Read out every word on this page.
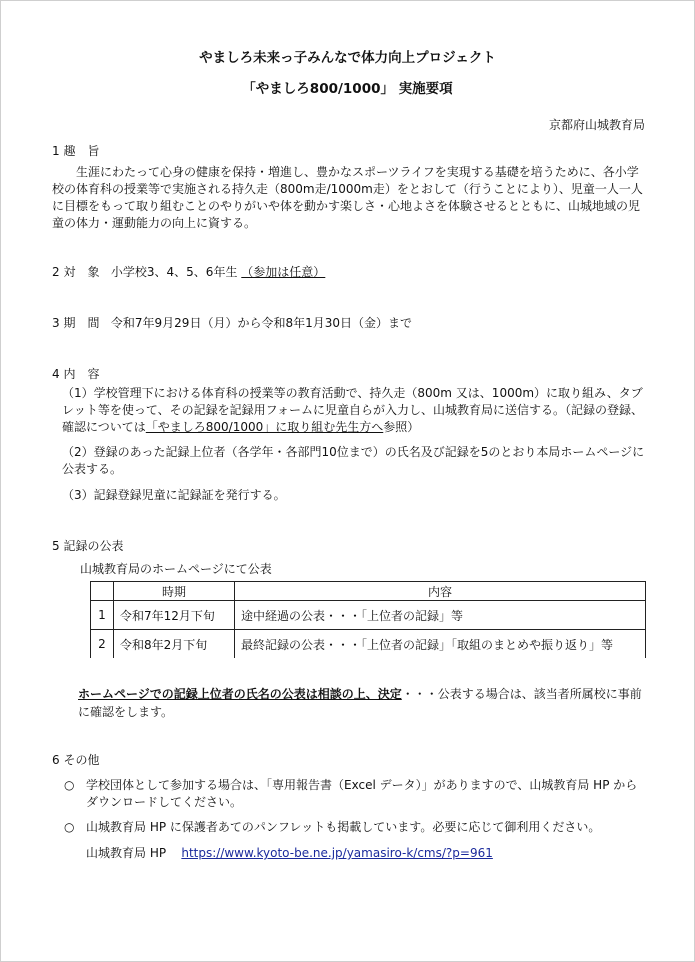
やましろ未来っ子みんなで体力向上プロジェクト
「やましろ800/1000」 実施要項
京都府山城教育局
1 趣　旨
生涯にわたって心身の健康を保持・増進し、豊かなスポーツライフを実現する基礎を培うために、各小学校の体育科の授業等で実施される持久走（800m走/1000m走）をとおして（行うことにより）、児童一人一人に目標をもって取り組むことのやりがいや体を動かす楽しさ・心地よさを体験させるとともに、山城地域の児童の体力・運動能力の向上に資する。
2 対　象 小学校3、4、5、6年生 （参加は任意）
3 期　間 令和7年9月29日（月）から令和8年1月30日（金）まで
4 内　容
（1）学校管理下における体育科の授業等の教育活動で、持久走（800m 又は、1000m）に取り組み、タブレット等を使って、その記録を記録用フォームに児童自らが入力し、山城教育局に送信する。（記録の登録、確認については「やましろ800/1000」に取り組む先生方へ参照）
（2）登録のあった記録上位者（各学年・各部門10位まで）の氏名及び記録を5のとおり本局ホームページに公表する。
（3）記録登録児童に記録証を発行する。
5 記録の公表
山城教育局のホームページにて公表
	時期	内容
1	令和7年12月下旬	途中経過の公表・・・「上位者の記録」等
2	令和8年2月下旬	最終記録の公表・・・「上位者の記録」「取組のまとめや振り返り」等
ホームページでの記録上位者の氏名の公表は相談の上、決定・・・公表する場合は、該当者所属校に事前に確認をします。
6 その他
○ 学校団体として参加する場合は、「専用報告書（Excel データ）」がありますので、山城教育局 HP からダウンロードしてください。
○ 山城教育局 HP に保護者あてのパンフレットも掲載しています。必要に応じて御利用ください。
山城教育局 HP https://www.kyoto-be.ne.jp/yamasiro-k/cms/?p=961
